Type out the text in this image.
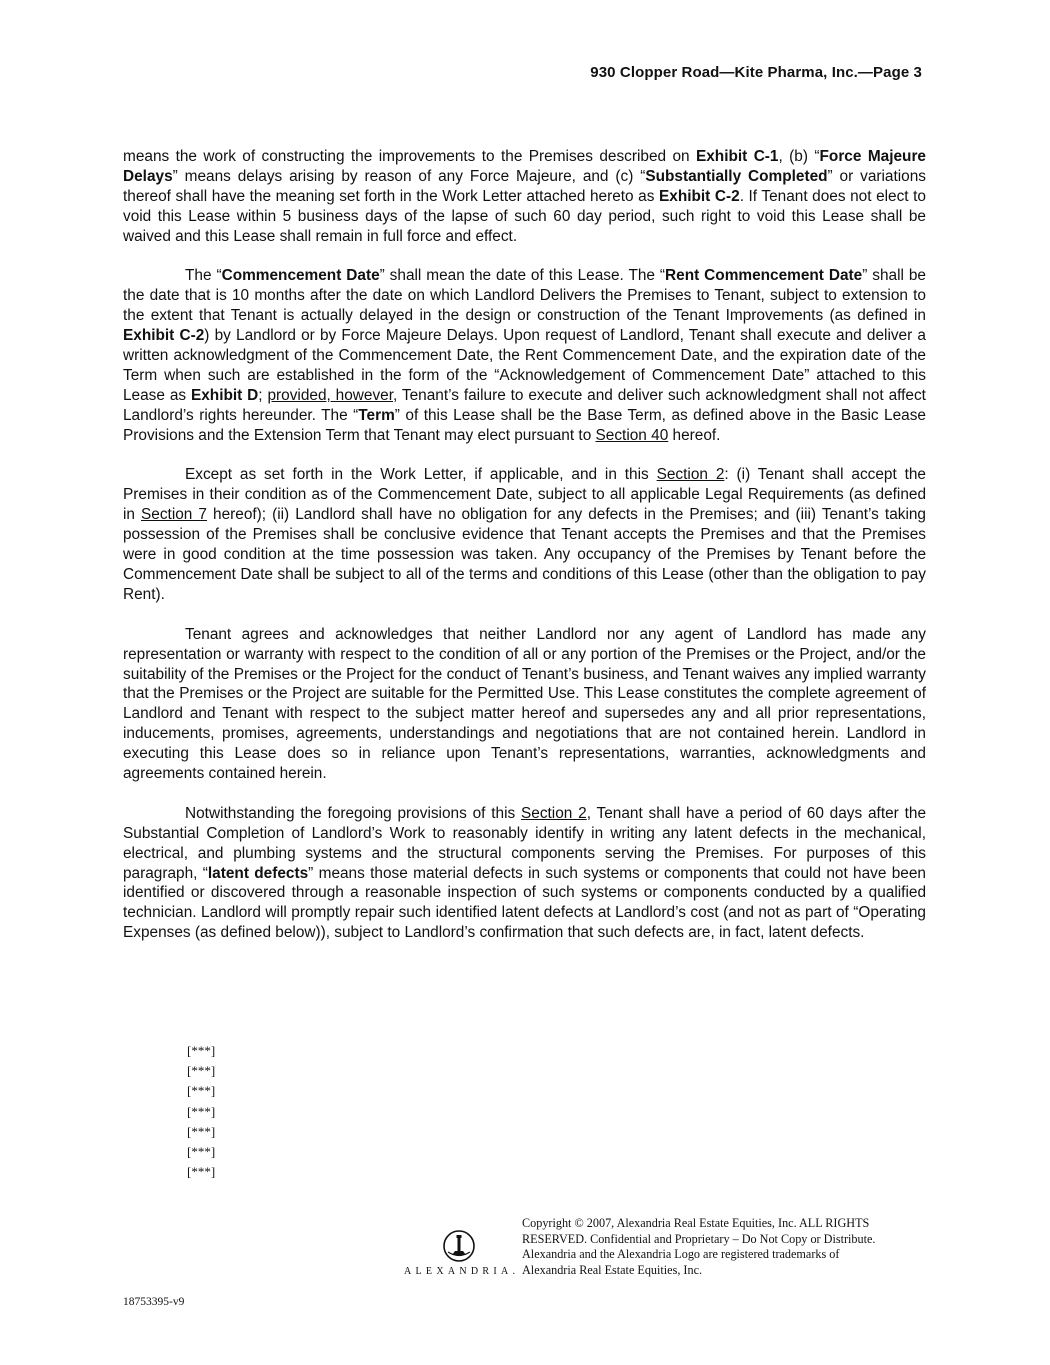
930 Clopper Road—Kite Pharma, Inc.—Page 3

means the work of constructing the improvements to the Premises described on Exhibit C-1, (b) “Force Majeure Delays” means delays arising by reason of any Force Majeure, and (c) “Substantially Completed” or variations thereof shall have the meaning set forth in the Work Letter attached hereto as Exhibit C-2. If Tenant does not elect to void this Lease within 5 business days of the lapse of such 60 day period, such right to void this Lease shall be waived and this Lease shall remain in full force and effect.

The “Commencement Date” shall mean the date of this Lease. The “Rent Commencement Date” shall be the date that is 10 months after the date on which Landlord Delivers the Premises to Tenant, subject to extension to the extent that Tenant is actually delayed in the design or construction of the Tenant Improvements (as defined in Exhibit C-2) by Landlord or by Force Majeure Delays. Upon request of Landlord, Tenant shall execute and deliver a written acknowledgment of the Commencement Date, the Rent Commencement Date, and the expiration date of the Term when such are established in the form of the “Acknowledgement of Commencement Date” attached to this Lease as Exhibit D; provided, however, Tenant’s failure to execute and deliver such acknowledgment shall not affect Landlord’s rights hereunder. The “Term” of this Lease shall be the Base Term, as defined above in the Basic Lease Provisions and the Extension Term that Tenant may elect pursuant to Section 40 hereof.

Except as set forth in the Work Letter, if applicable, and in this Section 2: (i) Tenant shall accept the Premises in their condition as of the Commencement Date, subject to all applicable Legal Requirements (as defined in Section 7 hereof); (ii) Landlord shall have no obligation for any defects in the Premises; and (iii) Tenant’s taking possession of the Premises shall be conclusive evidence that Tenant accepts the Premises and that the Premises were in good condition at the time possession was taken. Any occupancy of the Premises by Tenant before the Commencement Date shall be subject to all of the terms and conditions of this Lease (other than the obligation to pay Rent).

Tenant agrees and acknowledges that neither Landlord nor any agent of Landlord has made any representation or warranty with respect to the condition of all or any portion of the Premises or the Project, and/or the suitability of the Premises or the Project for the conduct of Tenant’s business, and Tenant waives any implied warranty that the Premises or the Project are suitable for the Permitted Use. This Lease constitutes the complete agreement of Landlord and Tenant with respect to the subject matter hereof and supersedes any and all prior representations, inducements, promises, agreements, understandings and negotiations that are not contained herein. Landlord in executing this Lease does so in reliance upon Tenant’s representations, warranties, acknowledgments and agreements contained herein.

Notwithstanding the foregoing provisions of this Section 2, Tenant shall have a period of 60 days after the Substantial Completion of Landlord’s Work to reasonably identify in writing any latent defects in the mechanical, electrical, and plumbing systems and the structural components serving the Premises. For purposes of this paragraph, “latent defects” means those material defects in such systems or components that could not have been identified or discovered through a reasonable inspection of such systems or components conducted by a qualified technician. Landlord will promptly repair such identified latent defects at Landlord’s cost (and not as part of “Operating Expenses (as defined below)), subject to Landlord’s confirmation that such defects are, in fact, latent defects.

[***]
[***]
[***]
[***]
[***]
[***]
[***]
ALEXANDRIA.
Copyright © 2007, Alexandria Real Estate Equities, Inc. ALL RIGHTS RESERVED. Confidential and Proprietary – Do Not Copy or Distribute. Alexandria and the Alexandria Logo are registered trademarks of Alexandria Real Estate Equities, Inc.
18753395-v9
